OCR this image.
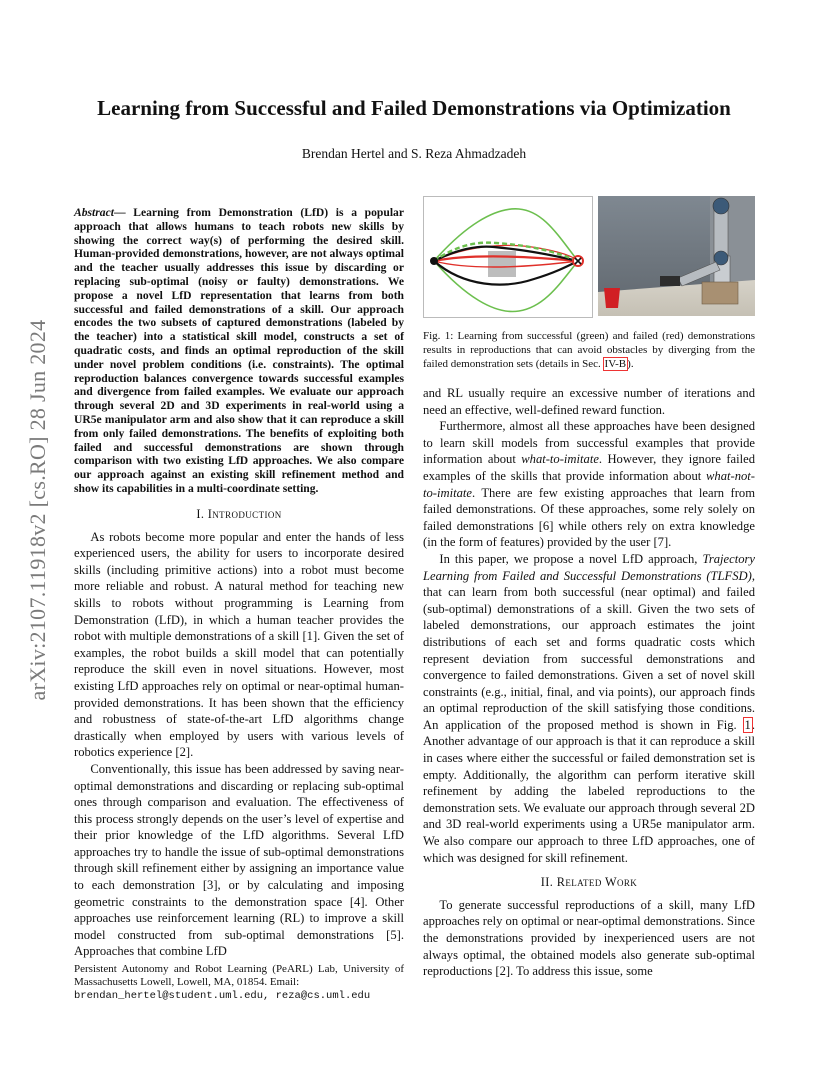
Learning from Successful and Failed Demonstrations via Optimization
Brendan Hertel and S. Reza Ahmadzadeh
arXiv:2107.11918v2 [cs.RO] 28 Jun 2024
Abstract— Learning from Demonstration (LfD) is a popular approach that allows humans to teach robots new skills by showing the correct way(s) of performing the desired skill. Human-provided demonstrations, however, are not always optimal and the teacher usually addresses this issue by discarding or replacing sub-optimal (noisy or faulty) demonstrations. We propose a novel LfD representation that learns from both successful and failed demonstrations of a skill. Our approach encodes the two subsets of captured demonstrations (labeled by the teacher) into a statistical skill model, constructs a set of quadratic costs, and finds an optimal reproduction of the skill under novel problem conditions (i.e. constraints). The optimal reproduction balances convergence towards successful examples and divergence from failed examples. We evaluate our approach through several 2D and 3D experiments in real-world using a UR5e manipulator arm and also show that it can reproduce a skill from only failed demonstrations. The benefits of exploiting both failed and successful demonstrations are shown through comparison with two existing LfD approaches. We also compare our approach against an existing skill refinement method and show its capabilities in a multi-coordinate setting.
I. Introduction

As robots become more popular and enter the hands of less experienced users, the ability for users to incorporate desired skills (including primitive actions) into a robot must become more reliable and robust. A natural method for teaching new skills to robots without programming is Learning from Demonstration (LfD), in which a human teacher provides the robot with multiple demonstrations of a skill [1]. Given the set of examples, the robot builds a skill model that can potentially reproduce the skill even in novel situations. However, most existing LfD approaches rely on optimal or near-optimal human-provided demonstrations. It has been shown that the efficiency and robustness of state-of-the-art LfD algorithms change drastically when employed by users with various levels of robotics experience [2].

Conventionally, this issue has been addressed by saving near-optimal demonstrations and discarding or replacing sub-optimal ones through comparison and evaluation. The effectiveness of this process strongly depends on the user’s level of expertise and their prior knowledge of the LfD algorithms. Several LfD approaches try to handle the issue of sub-optimal demonstrations through skill refinement either by assigning an importance value to each demonstration [3], or by calculating and imposing geometric constraints to the demonstration space [4]. Other approaches use reinforcement learning (RL) to improve a skill model constructed from sub-optimal demonstrations [5]. Approaches that combine LfD

Persistent Autonomy and Robot Learning (PeARL) Lab, University of Massachusetts Lowell, Lowell, MA, 01854. Email:
brendan_hertel@student.uml.edu, reza@cs.uml.edu
Fig. 1: Learning from successful (green) and failed (red) demonstrations results in reproductions that can avoid obstacles by diverging from the failed demonstration sets (details in Sec. IV-B).

and RL usually require an excessive number of iterations and need an effective, well-defined reward function.

Furthermore, almost all these approaches have been designed to learn skill models from successful examples that provide information about what-to-imitate. However, they ignore failed examples of the skills that provide information about what-not-to-imitate. There are few existing approaches that learn from failed demonstrations. Of these approaches, some rely solely on failed demonstrations [6] while others rely on extra knowledge (in the form of features) provided by the user [7].

In this paper, we propose a novel LfD approach, Trajectory Learning from Failed and Successful Demonstrations (TLFSD), that can learn from both successful (near optimal) and failed (sub-optimal) demonstrations of a skill. Given the two sets of labeled demonstrations, our approach estimates the joint distributions of each set and forms quadratic costs which represent deviation from successful demonstrations and convergence to failed demonstrations. Given a set of novel skill constraints (e.g., initial, final, and via points), our approach finds an optimal reproduction of the skill satisfying those conditions. An application of the proposed method is shown in Fig. 1. Another advantage of our approach is that it can reproduce a skill in cases where either the successful or failed demonstration set is empty. Additionally, the algorithm can perform iterative skill refinement by adding the labeled reproductions to the demonstration sets. We evaluate our approach through several 2D and 3D real-world experiments using a UR5e manipulator arm. We also compare our approach to three LfD approaches, one of which was designed for skill refinement.

II. Related Work

To generate successful reproductions of a skill, many LfD approaches rely on optimal or near-optimal demonstrations. Since the demonstrations provided by inexperienced users are not always optimal, the obtained models also generate sub-optimal reproductions [2]. To address this issue, some
